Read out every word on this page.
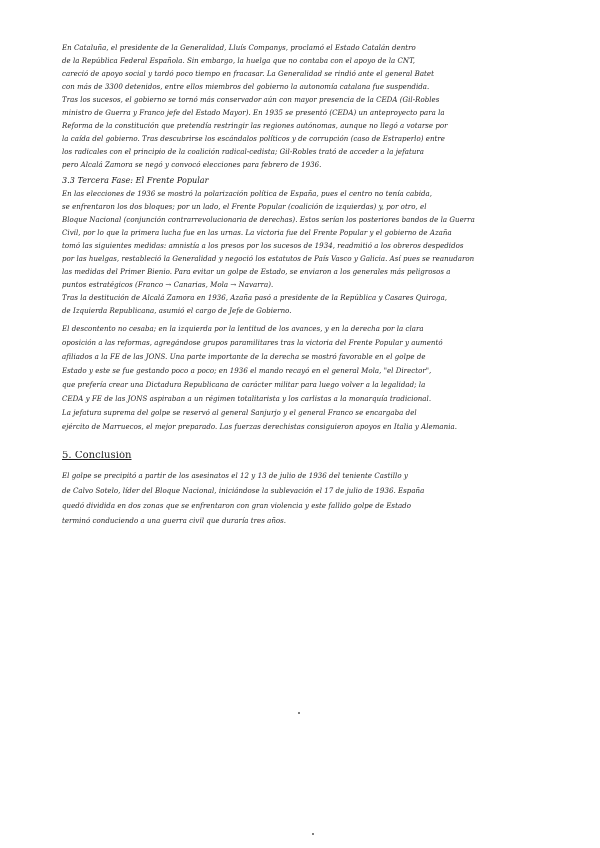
En Cataluña, el presidente de la Generalidad, Lluís Companys, proclamó el Estado Catalán dentro
de la República Federal Española. Sin embargo, la huelga que no contaba con el apoyo de la CNT,
careció de apoyo social y tardó poco tiempo en fracasar. La Generalidad se rindió ante el general Batet
con más de 3300 detenidos, entre ellos miembros del gobierno la autonomía catalana fue suspendida.
Tras los sucesos, el gobierno se tornó más conservador aún con mayor presencia de la CEDA (Gil-Robles
ministro de Guerra y Franco jefe del Estado Mayor). En 1935 se presentó (CEDA) un anteproyecto para la
Reforma de la constitución que pretendía restringir las regiones autónomas, aunque no llegó a votarse por
la caída del gobierno. Tras descubrirse los escándalos políticos y de corrupción (caso de Estraperlo) entre
los radicales con el principio de la coalición radical-cedista; Gil-Robles trató de acceder a la jefatura
pero Alcalá Zamora se negó y convocó elecciones para febrero de 1936.
3.3 Tercera Fase: El Frente Popular
En las elecciones de 1936 se mostró la polarización política de España, pues el centro no tenía cabida,
se enfrentaron los dos bloques; por un lado, el Frente Popular (coalición de izquierdas) y, por otro, el
Bloque Nacional (conjunción contrarrevolucionaria de derechas). Estos serían los posteriores bandos de la Guerra
Civil, por lo que la primera lucha fue en las urnas. La victoria fue del Frente Popular y el gobierno de Azaña
tomó las siguientes medidas: amnistía a los presos por los sucesos de 1934, readmitió a los obreros despedidos
por las huelgas, restableció la Generalidad y negoció los estatutos de País Vasco y Galicia. Así pues se reanudaron
las medidas del Primer Bienio. Para evitar un golpe de Estado, se enviaron a los generales más peligrosos a
puntos estratégicos (Franco → Canarias, Mola → Navarra).
Tras la destitución de Alcalá Zamora en 1936, Azaña pasó a presidente de la República y Casares Quiroga,
de Izquierda Republicana, asumió el cargo de Jefe de Gobierno.
El descontento no cesaba; en la izquierda por la lentitud de los avances, y en la derecha por la clara
oposición a las reformas, agregándose grupos paramilitares tras la victoria del Frente Popular y aumentó
afiliados a la FE de las JONS. Una parte importante de la derecha se mostró favorable en el golpe de
Estado y este se fue gestando poco a poco; en 1936 el mando recayó en el general Mola, "el Director",
que prefería crear una Dictadura Republicana de carácter militar para luego volver a la legalidad; la
CEDA y FE de las JONS aspiraban a un régimen totalitarista y los carlistas a la monarquía tradicional.
La jefatura suprema del golpe se reservó al general Sanjurjo y el general Franco se encargaba del
ejército de Marruecos, el mejor preparado. Las fuerzas derechistas consiguieron apoyos en Italia y Alemania.
5. Conclusión
El golpe se precipitó a partir de los asesinatos el 12 y 13 de julio de 1936 del teniente Castillo y
de Calvo Sotelo, líder del Bloque Nacional, iniciándose la sublevación el 17 de julio de 1936. España
quedó dividida en dos zonas que se enfrentaron con gran violencia y este fallido golpe de Estado
terminó conduciendo a una guerra civil que duraría tres años.
